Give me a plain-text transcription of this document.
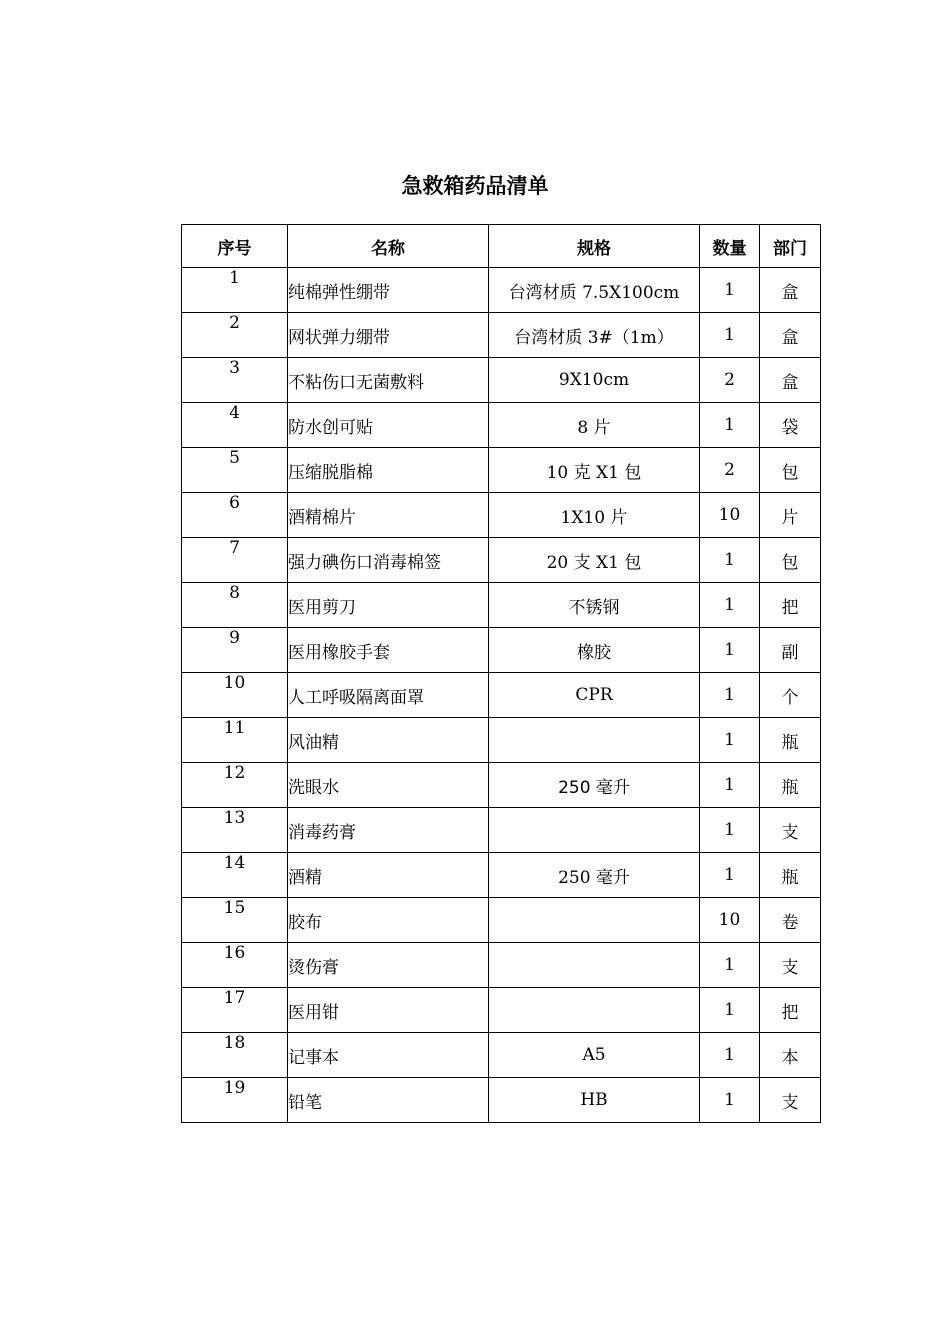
急救箱药品清单
序号	名称	规格	数量	部门
1	纯棉弹性绷带	台湾材质 7.5X100cm	1	盒
2	网状弹力绷带	台湾材质 3#（1m）	1	盒
3	不粘伤口无菌敷料	9X10cm	2	盒
4	防水创可贴	8 片	1	袋
5	压缩脱脂棉	10 克 X1 包	2	包
6	酒精棉片	1X10 片	10	片
7	强力碘伤口消毒棉签	20 支 X1 包	1	包
8	医用剪刀	不锈钢	1	把
9	医用橡胶手套	橡胶	1	副
10	人工呼吸隔离面罩	CPR	1	个
11	风油精		1	瓶
12	洗眼水	250 毫升	1	瓶
13	消毒药膏		1	支
14	酒精	250 毫升	1	瓶
15	胶布		10	卷
16	烫伤膏		1	支
17	医用钳		1	把
18	记事本	A5	1	本
19	铅笔	HB	1	支
